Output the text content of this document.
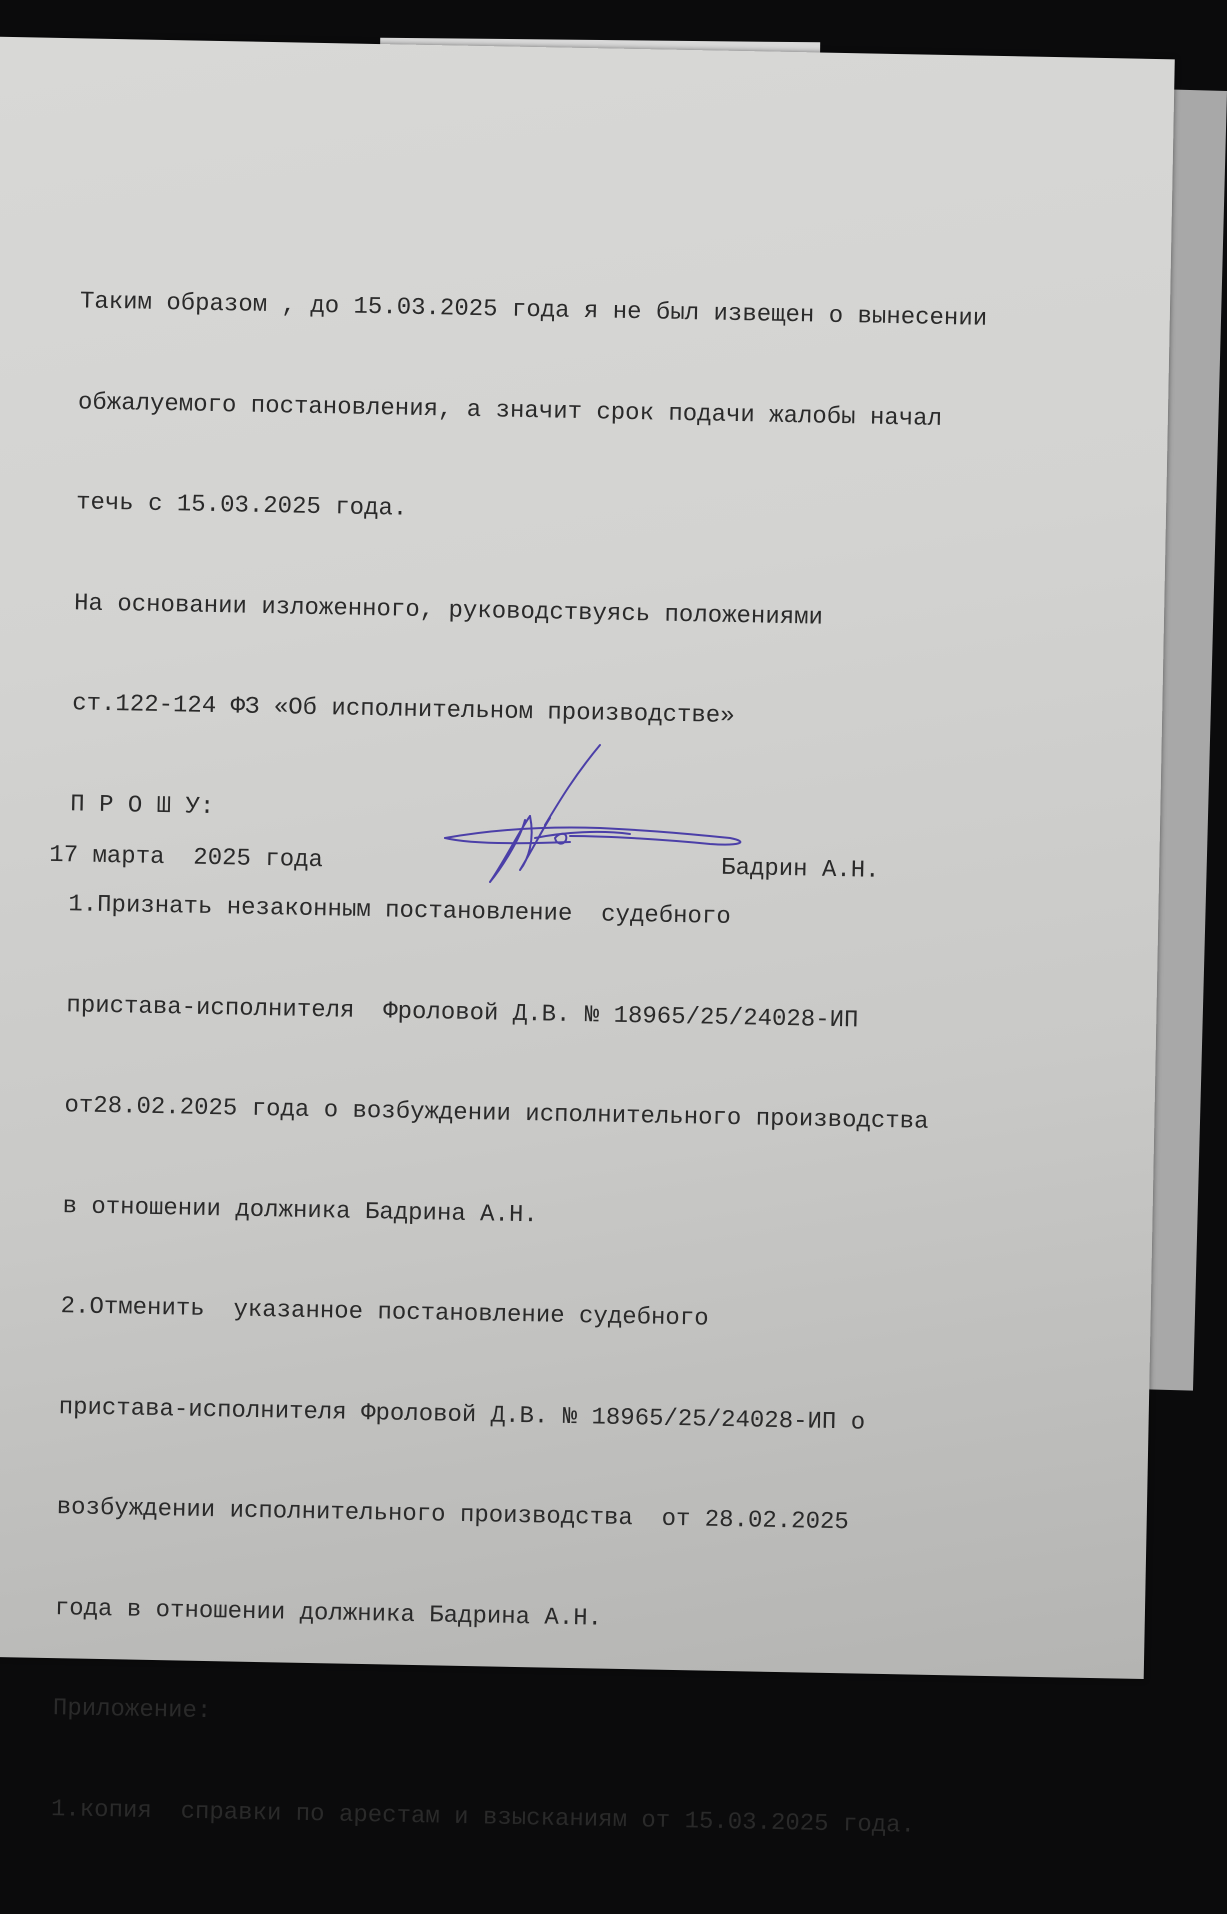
Таким образом , до 15.03.2025 года я не был извещен о вынесении

обжалуемого постановления, а значит срок подачи жалобы начал

течь с 15.03.2025 года.

На основании изложенного, руководствуясь положениями

ст.122-124 ФЗ «Об исполнительном производстве»

П Р О Ш У:

1.Признать незаконным постановление  судебного

пристава-исполнителя  Фроловой Д.В. № 18965/25/24028-ИП

от28.02.2025 года о возбуждении исполнительного производства

в отношении должника Бадрина А.Н.

2.Отменить  указанное постановление судебного

пристава-исполнителя Фроловой Д.В. № 18965/25/24028-ИП о

возбуждении исполнительного производства  от 28.02.2025

года в отношении должника Бадрина А.Н.

Приложение:

1.копия  справки по арестам и взысканиям от 15.03.2025 года.

17 марта  2025 года	Бадрин А.Н.
